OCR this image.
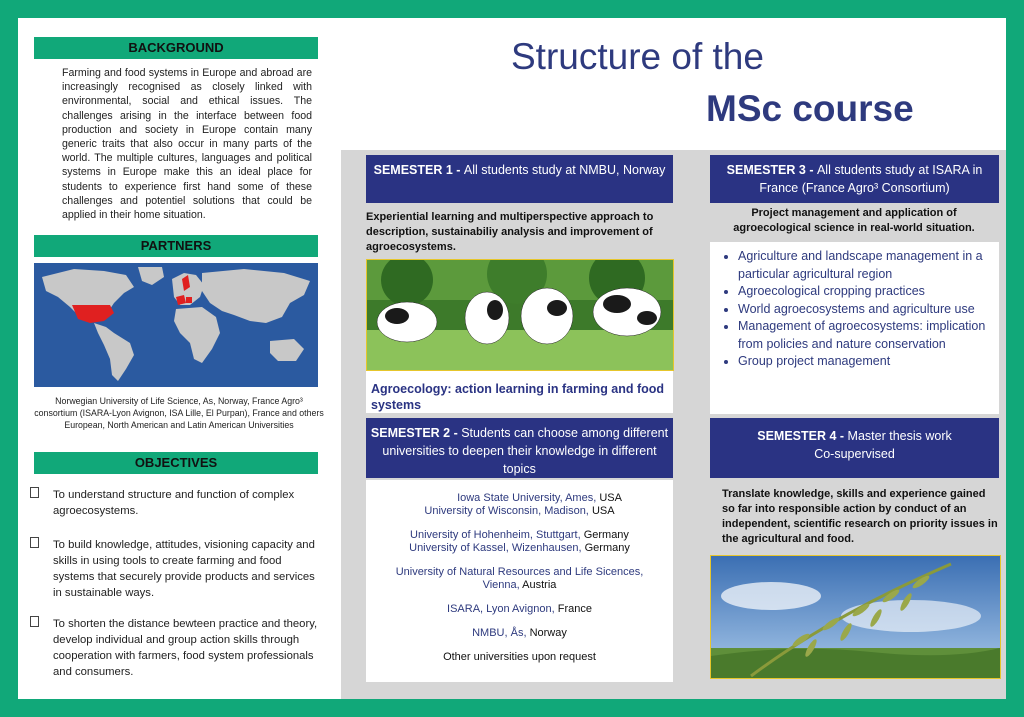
BACKGROUND
Farming and food systems in Europe and abroad are increasingly recognised as closely linked with environmental, social and ethical issues. The challenges arising in the interface between food production and society in Europe contain many generic traits that also occur in many parts of the world. The multiple cultures, languages and political systems in Europe make this an ideal place for students to experience first hand some of these challenges and potentiel solutions that could be applied in their home situation.
PARTNERS
Norwegian University of Life Science, As, Norway, France Agro³ consortium (ISARA-Lyon Avignon, ISA Lille, El Purpan), France and others European, North American and Latin American Universities
OBJECTIVES
To understand structure and function of complex agroecosystems.
To build knowledge, attitudes, visioning capacity and skills in using tools to create farming and food systems that securely provide products and services in sustainable ways.
To shorten the distance bewteen practice and theory, develop individual and group action skills through cooperation with farmers, food system professionals and consumers.
Structure of the
MSc course
SEMESTER 1 - All students study at NMBU, Norway
Experiential learning and multiperspective approach to description, sustainabiliy analysis and improvement of agroecosystems.
Agroecology: action learning in farming and food systems
SEMESTER 2 - Students can choose among different universities to deepen their knowledge in different topics
Iowa State University, Ames, USA
University of Wisconsin, Madison, USA
University of Hohenheim, Stuttgart, Germany
University of Kassel, Wizenhausen, Germany
University of Natural Resources and Life Sicences, Vienna, Austria
ISARA, Lyon Avignon, France
NMBU, Ås, Norway
Other universities upon request
SEMESTER 3 - All students study at ISARA in France (France Agro³ Consortium)
Project management and application of agroecological science in real-world situation.
• Agriculture and landscape management in a particular agricultural region
• Agroecological cropping practices
• World agroecosystems and agriculture use
• Management of agroecosystems: implication from policies and nature conservation
• Group project management
SEMESTER 4 - Master thesis work
Co-supervised
Translate knowledge, skills and experience gained so far into responsible action by conduct of an independent, scientific research on priority issues in the agricultural and food.
